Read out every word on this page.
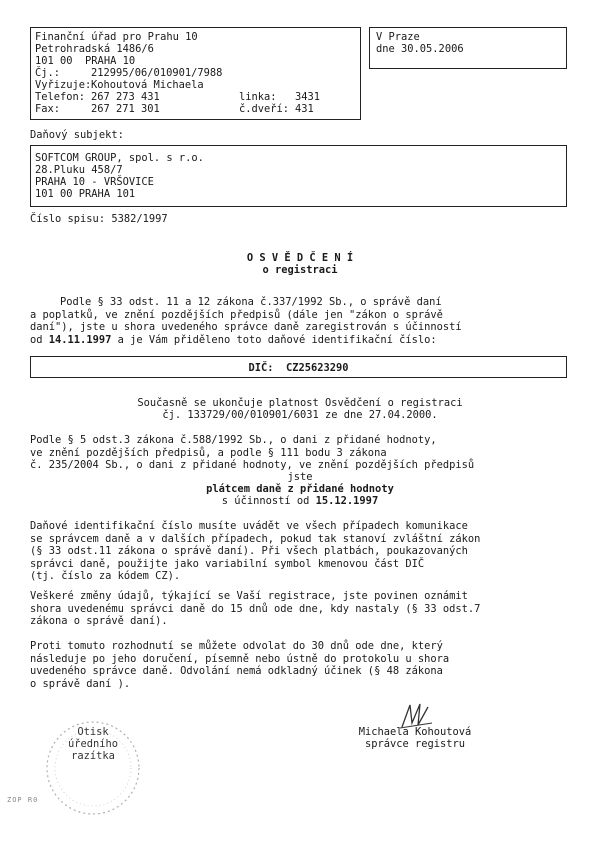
Finanční úřad pro Prahu 10
Petrohradská 1486/6
101 00  PRAHA 10
Čj.:	212995/06/010901/7988
Vyřizuje: Kohoutová Michaela
Telefon: 267 273 431	linka:	3431
Fax:	267 271 301	č.dveří: 431
V Praze
dne 30.05.2006
Daňový subjekt:
SOFTCOM GROUP, spol. s r.o.
28.Pluku 458/7
PRAHA 10 - VRŠOVICE
101 00 PRAHA 101
Číslo spisu: 5382/1997
O S V Ě D Č E N Í
o registraci
Podle § 33 odst. 11 a 12 zákona č.337/1992 Sb., o správě daní
a poplatků, ve znění pozdějších předpisů (dále jen "zákon o správě
daní"), jste u shora uvedeného správce daně zaregistrován s účinností
od 14.11.1997 a je Vám přiděleno toto daňové identifikační číslo:
DIČ: CZ25623290
Současně se ukončuje platnost Osvědčení o registraci
čj. 133729/00/010901/6031 ze dne 27.04.2000.
Podle § 5 odst.3 zákona č.588/1992 Sb., o dani z přidané hodnoty,
ve znění pozdějších předpisů, a podle § 111 bodu 3 zákona
č. 235/2004 Sb., o dani z přidané hodnoty, ve znění pozdějších předpisů
jste
plátcem daně z přidané hodnoty
s účinností od 15.12.1997
Daňové identifikační číslo musíte uvádět ve všech případech komunikace
se správcem daně a v dalších případech, pokud tak stanoví zvláštní zákon
(§ 33 odst.11 zákona o správě daní). Při všech platbách, poukazovaných
správci daně, použijte jako variabilní symbol kmenovou část DIČ
(tj. číslo za kódem CZ).
Veškeré změny údajů, týkající se Vaší registrace, jste povinen oznámit
shora uvedenému správci daně do 15 dnů ode dne, kdy nastaly (§ 33 odst.7
zákona o správě daní).
Proti tomuto rozhodnutí se můžete odvolat do 30 dnů ode dne, který
následuje po jeho doručení, písemně nebo ústně do protokolu u shora
uvedeného správce daně. Odvolání nemá odkladný účinek (§ 48 zákona
o správě daní ).
Michaela Kohoutová
správce registru
Otisk
úředního
razítka
ZOP R0
